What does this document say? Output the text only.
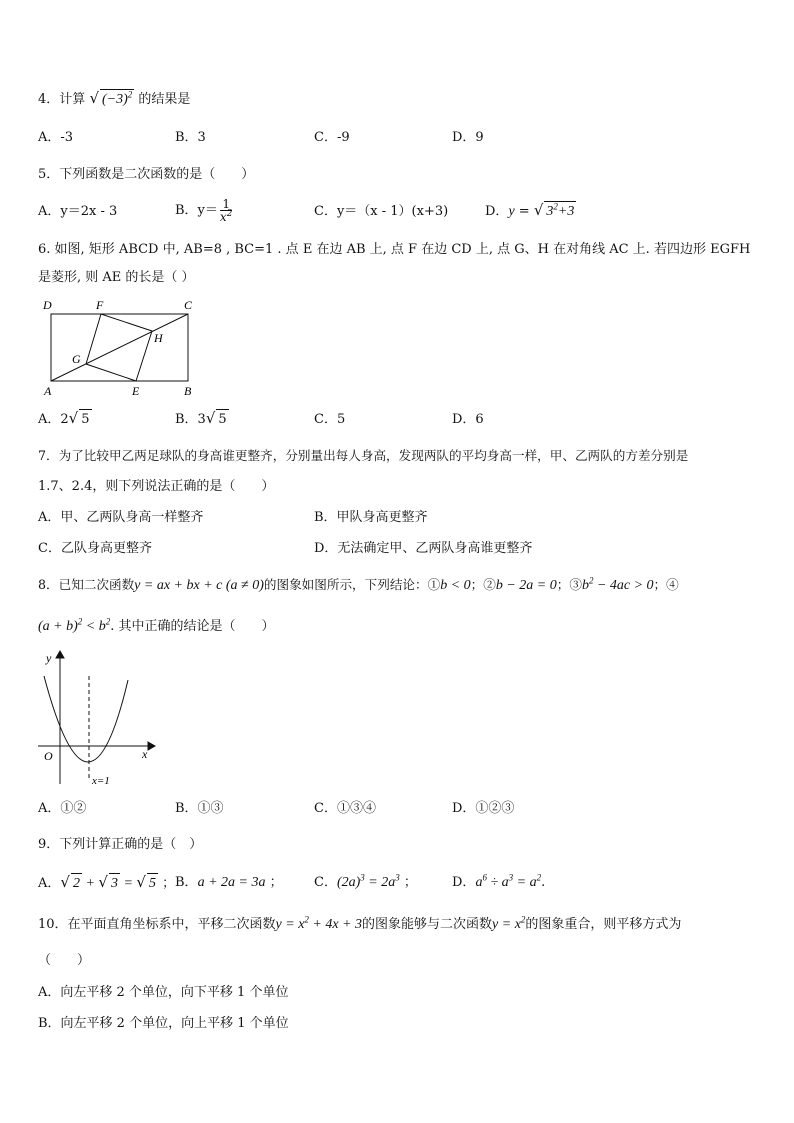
4．计算 √ $(-3)^2$ 的结果是
A．-3	B．3	C．-9	D．9
5．下列函数是二次函数的是（　　）
A．y＝2x - 3	B．$y= \frac{1}{x^2}$	C．y＝（x - 1）(x+3)	D．y = √ $3^2+3$
6. 如图, 矩形 ABCD 中, AB=8 , BC=1 . 点 E 在边 AB 上, 点 F 在边 CD 上, 点 G、H 在对角线 AC 上. 若四边形 EGFH
是菱形, 则 AE 的长是（ ）
D	F	C
H
G
A	E	B
A．2√ 5	B．3√ 5	C．5	D．6
7．为了比较甲乙两足球队的身高谁更整齐，分别量出每人身高，发现两队的平均身高一样，甲、乙两队的方差分别是
1.7、2.4，则下列说法正确的是（　　）
A．甲、乙两队身高一样整齐	B．甲队身高更整齐
C．乙队身高更整齐	D．无法确定甲、乙两队身高谁更整齐
8．已知二次函数y = ax + bx + c (a ≠ 0)的图象如图所示，下列结论：①b < 0；②b − 2a = 0；$③b^2 - 4ac > 0$；④
$(a + b)^2 < b^2$. 其中正确的结论是（　　）
y
x
O
x=1
A．①②	B．①③	C．①③④	D．①②③
9．下列计算正确的是（　）
A．√ 2 + √ 3 = √ 5 ； B．a + 2a = 3a ； C．$(2a)^3 = 2a^3$ ；	D．$a^6 \div a^3 = a^2$.
10．在平面直角坐标系中，平移二次函数$y = x^2 + 4x + 3$的图象能够与二次函数$y = x^2$的图象重合，则平移方式为
（　　）
A．向左平移 2 个单位，向下平移 1 个单位
B．向左平移 2 个单位，向上平移 1 个单位
